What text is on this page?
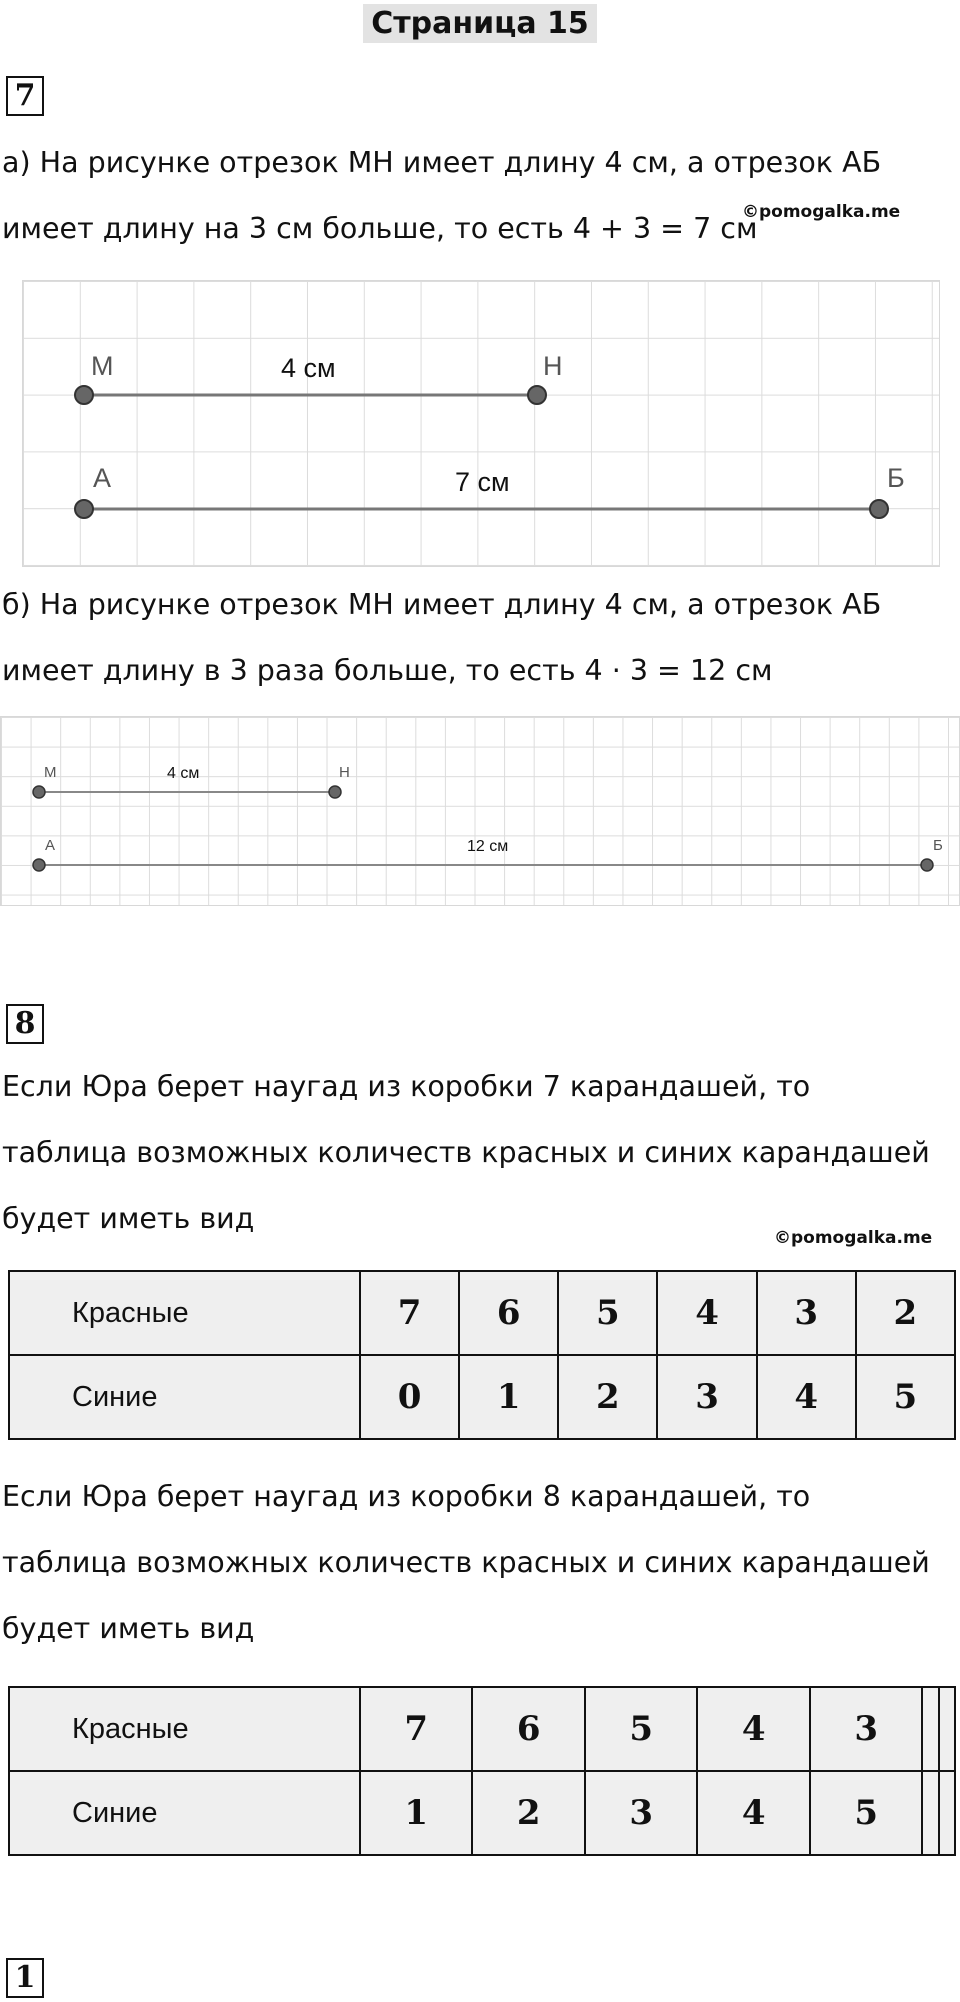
Страница 15
7
а) На рисунке отрезок МН имеет длину 4 см, а отрезок АБ
имеет длину на 3 см больше, то есть 4 + 3 = 7 см
©pomogalka.me
М	Н
4 см
А	Б
7 см
б) На рисунке отрезок МН имеет длину 4 см, а отрезок АБ
имеет длину в 3 раза больше, то есть 4 · 3 = 12 см
М	Н
4 см
А	Б
12 см
8
Если Юра берет наугад из коробки 7 карандашей, то
таблица возможных количеств красных и синих карандашей
будет иметь вид
©pomogalka.me
Красные	7	6	5	4	3	2
Синие	0	1	2	3	4	5
Если Юра берет наугад из коробки 8 карандашей, то
таблица возможных количеств красных и синих карандашей
будет иметь вид
Красные	7	6	5	4	3		
Синие	1	2	3	4	5		
1
